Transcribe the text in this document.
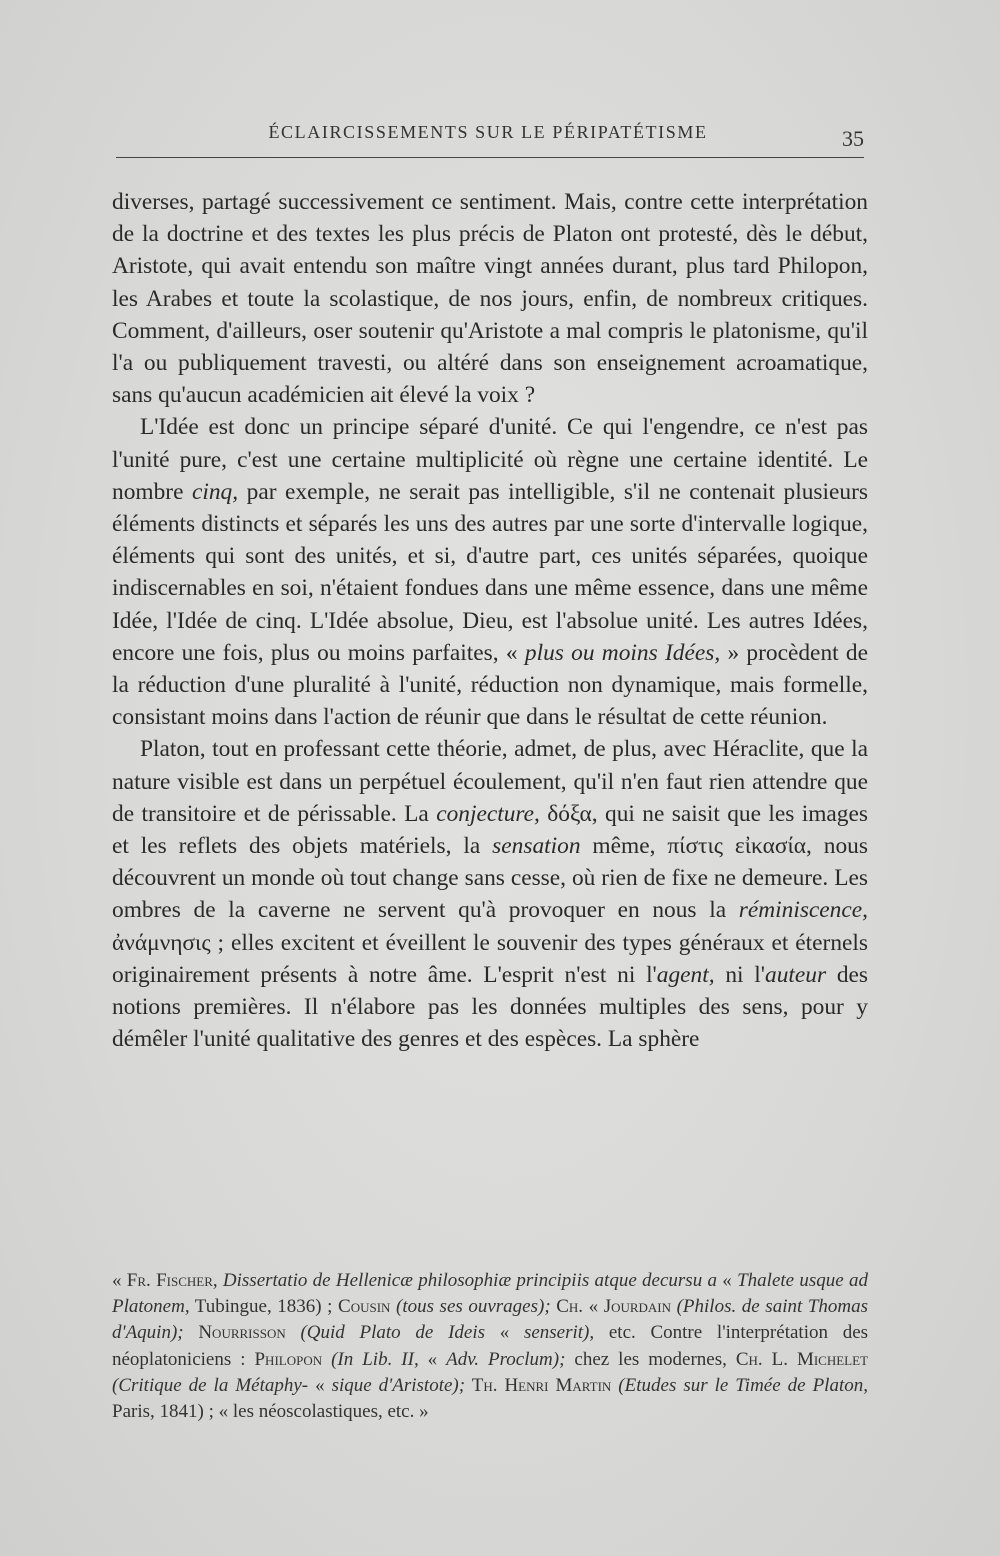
ÉCLAIRCISSEMENTS SUR LE PÉRIPATÉTISME	35

diverses, partagé successivement ce sentiment. Mais, contre cette interprétation de la doctrine et des textes les plus précis de Platon ont protesté, dès le début, Aristote, qui avait entendu son maître vingt années durant, plus tard Philopon, les Arabes et toute la scolastique, de nos jours, enfin, de nombreux critiques. Comment, d'ailleurs, oser soutenir qu'Aristote a mal compris le platonisme, qu'il l'a ou publiquement travesti, ou altéré dans son enseignement acroamatique, sans qu'aucun académicien ait élevé la voix ?

L'Idée est donc un principe séparé d'unité. Ce qui l'engendre, ce n'est pas l'unité pure, c'est une certaine multiplicité où règne une certaine identité. Le nombre cinq, par exemple, ne serait pas intelligible, s'il ne contenait plusieurs éléments distincts et séparés les uns des autres par une sorte d'intervalle logique, éléments qui sont des unités, et si, d'autre part, ces unités séparées, quoique indiscernables en soi, n'étaient fondues dans une même essence, dans une même Idée, l'Idée de cinq. L'Idée absolue, Dieu, est l'absolue unité. Les autres Idées, encore une fois, plus ou moins parfaites, « plus ou moins Idées, » procèdent de la réduction d'une pluralité à l'unité, réduction non dynamique, mais formelle, consistant moins dans l'action de réunir que dans le résultat de cette réunion.

Platon, tout en professant cette théorie, admet, de plus, avec Héraclite, que la nature visible est dans un perpétuel écoulement, qu'il n'en faut rien attendre que de transitoire et de périssable. La conjecture, δόξα, qui ne saisit que les images et les reflets des objets matériels, la sensation même, πίστις εἰκασία, nous découvrent un monde où tout change sans cesse, où rien de fixe ne demeure. Les ombres de la caverne ne servent qu'à provoquer en nous la réminiscence, ἀνάμνησις ; elles excitent et éveillent le souvenir des types généraux et éternels originairement présents à notre âme. L'esprit n'est ni l'agent, ni l'auteur des notions premières. Il n'élabore pas les données multiples des sens, pour y démêler l'unité qualitative des genres et des espèces. La sphère

« Fr. Fischer, Dissertatio de Hellenicæ philosophiæ principiis atque decursu a « Thalete usque ad Platonem, Tubingue, 1836) ; Cousin (tous ses ouvrages); Ch. « Jourdain (Philos. de saint Thomas d'Aquin); Nourrisson (Quid Plato de Ideis « senserit), etc. Contre l'interprétation des néoplatoniciens : Philopon (In Lib. II, « Adv. Proclum); chez les modernes, Ch. L. Michelet (Critique de la Métaphy- « sique d'Aristote); Th. Henri Martin (Etudes sur le Timée de Platon, Paris, 1841) ; « les néoscolastiques, etc. »
